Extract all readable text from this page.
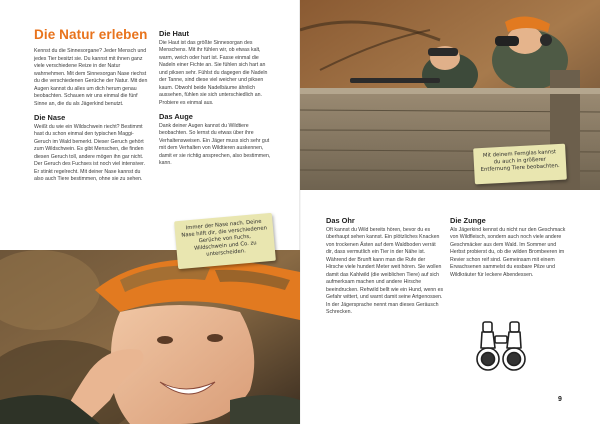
Die Natur erleben

Kennst du die Sinnesorgane? Jeder Mensch und jedes Tier besitzt sie. Du kannst mit ihnen ganz viele verschiedene Reize in der Natur wahrnehmen. Mit dem Sinnesorgan Nase riechst du die verschiedenen Gerüche der Natur. Mit den Augen kannst du alles um dich herum genau beobachten. Schauen wir uns einmal die fünf Sinne an, die du als Jägerkind benutzt.

Die Nase

Weißt du wie ein Wildschwein riecht? Bestimmt hast du schon einmal den typischen Maggi-Geruch im Wald bemerkt. Dieser Geruch gehört zum Wildschwein. Es gibt Menschen, die finden diesen Geruch toll, andere mögen ihn gar nicht. Der Geruch des Fuchses ist noch viel intensiver. Er stinkt regelrecht. Mit deiner Nase kannst du also auch Tiere bestimmen, ohne sie zu sehen.

Die Haut

Die Haut ist das größte Sinnesorgan des Menschens. Mit ihr fühlen wir, ob etwas kalt, warm, weich oder hart ist. Fasse einmal die Nadeln einer Fichte an. Sie fühlen sich hart an und piksen sehr. Fühlst du dagegen die Nadeln der Tanne, sind diese viel weicher und piksen kaum. Obwohl beide Nadelbäume ähnlich aussehen, fühlen sie sich unterschiedlich an. Probiere es einmal aus.

Das Auge

Dank deiner Augen kannst du Wildtiere beobachten. So lernst du etwas über ihre Verhaltensweisen. Ein Jäger muss sich sehr gut mit dem Verhalten von Wildtieren auskennen, damit er sie richtig ansprechen, also bestimmen, kann.

Immer der Nase nach. Deine Nase hilft dir, die verschiedenen Gerüche von Fuchs, Wildschwein und Co. zu unterscheiden.
Mit deinem Fernglas kannst du auch in größerer Entfernung Tiere beobachten.
Das Ohr

Oft kannst du Wild bereits hören, bevor du es überhaupt sehen kannst. Ein plötzliches Knacken von trockenen Ästen auf dem Waldboden verrät dir, dass vermutlich ein Tier in der Nähe ist. Während der Brunft kann man die Rufe der Hirsche viele hundert Meter weit hören. Sie wollen damit das Kahlwild (die weiblichen Tiere) auf sich aufmerksam machen und andere Hirsche beeindrucken. Rehwild bellt wie ein Hund, wenn es Gefahr wittert, und warnt damit seine Artgenossen. In der Jägersprache nennt man dieses Geräusch Schrecken.

Die Zunge

Als Jägerkind kennst du nicht nur den Geschmack von Wildfleisch, sondern auch noch viele andere Geschmäcker aus dem Wald. Im Sommer und Herbst probierst du, ob die wilden Brombeeren im Revier schon reif sind. Gemeinsam mit einem Erwachsenen sammelst du essbare Pilze und Wildkräuter für leckere Abendessen.

9
